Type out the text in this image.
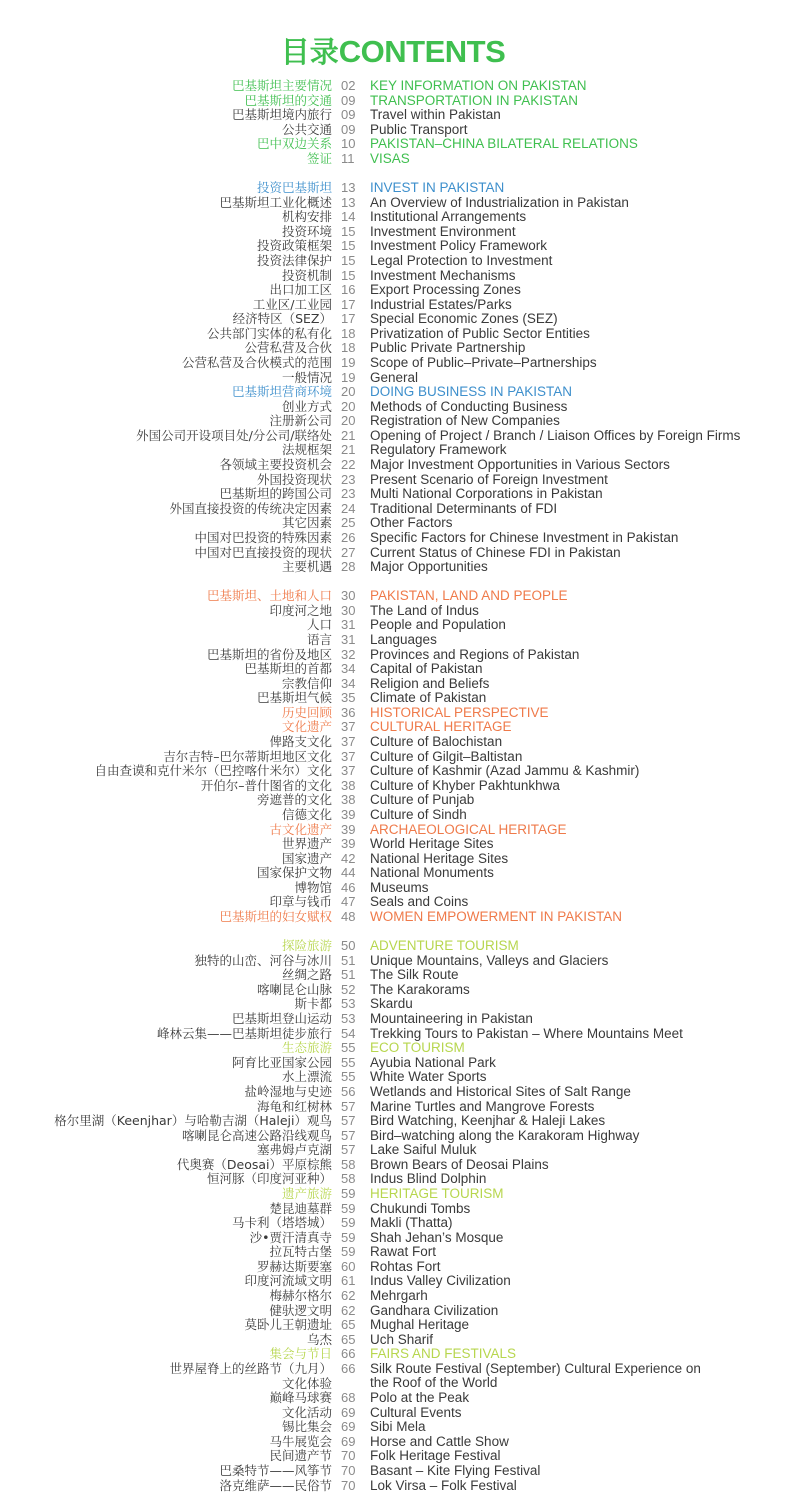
目录CONTENTS
巴基斯坦主要情况 02	KEY INFORMATION ON PAKISTAN
巴基斯坦的交通 09	TRANSPORTATION IN PAKISTAN
巴基斯坦境内旅行 09	Travel within Pakistan
公共交通 09	Public Transport
巴中双边关系 10	PAKISTAN–CHINA BILATERAL RELATIONS
签证 11	VISAS
投资巴基斯坦 13	INVEST IN PAKISTAN
巴基斯坦工业化概述 13	An Overview of Industrialization in Pakistan
机构安排 14	Institutional Arrangements
投资环境 15	Investment Environment
投资政策框架 15	Investment Policy Framework
投资法律保护 15	Legal Protection to Investment
投资机制 15	Investment Mechanisms
出口加工区 16	Export Processing Zones
工业区/工业园 17	Industrial Estates/Parks
经济特区（SEZ） 17	Special Economic Zones (SEZ)
公共部门实体的私有化 18	Privatization of Public Sector Entities
公营私营及合伙 18	Public Private Partnership
公营私营及合伙模式的范围 19	Scope of Public–Private–Partnerships
一般情况 19	General
巴基斯坦营商环境 20	DOING BUSINESS IN PAKISTAN
创业方式 20	Methods of Conducting Business
注册新公司 20	Registration of New Companies
外国公司开设项目处/分公司/联络处 21	Opening of Project / Branch / Liaison Offices by Foreign Firms
法规框架 21	Regulatory Framework
各领域主要投资机会 22	Major Investment Opportunities in Various Sectors
外国投资现状 23	Present Scenario of Foreign Investment
巴基斯坦的跨国公司 23	Multi National Corporations in Pakistan
外国直接投资的传统决定因素 24	Traditional Determinants of FDI
其它因素 25	Other Factors
中国对巴投资的特殊因素 26	Specific Factors for Chinese Investment in Pakistan
中国对巴直接投资的现状 27	Current Status of Chinese FDI in Pakistan
主要机遇 28	Major Opportunities
巴基斯坦、土地和人口 30	PAKISTAN, LAND AND PEOPLE
印度河之地 30	The Land of Indus
人口 31	People and Population
语言 31	Languages
巴基斯坦的省份及地区 32	Provinces and Regions of Pakistan
巴基斯坦的首都 34	Capital of Pakistan
宗教信仰 34	Religion and Beliefs
巴基斯坦气候 35	Climate of Pakistan
历史回顾 36	HISTORICAL PERSPECTIVE
文化遗产 37	CULTURAL HERITAGE
俾路支文化 37	Culture of Balochistan
吉尔吉特–巴尔蒂斯坦地区文化 37	Culture of Gilgit–Baltistan
自由查谟和克什米尔（巴控喀什米尔）文化 37	Culture of Kashmir (Azad Jammu & Kashmir)
开伯尔–普什图省的文化 38	Culture of Khyber Pakhtunkhwa
旁遮普的文化 38	Culture of Punjab
信德文化 39	Culture of Sindh
古文化遗产 39	ARCHAEOLOGICAL HERITAGE
世界遗产 39	World Heritage Sites
国家遗产 42	National Heritage Sites
国家保护文物 44	National Monuments
博物馆 46	Museums
印章与钱币 47	Seals and Coins
巴基斯坦的妇女赋权 48	WOMEN EMPOWERMENT IN PAKISTAN
探险旅游 50	ADVENTURE TOURISM
独特的山峦、河谷与冰川 51	Unique Mountains, Valleys and Glaciers
丝绸之路 51	The Silk Route
喀喇昆仑山脉 52	The Karakorams
斯卡都 53	Skardu
巴基斯坦登山运动 53	Mountaineering in Pakistan
峰林云集——巴基斯坦徒步旅行 54	Trekking Tours to Pakistan – Where Mountains Meet
生态旅游 55	ECO TOURISM
阿育比亚国家公园 55	Ayubia National Park
水上漂流 55	White Water Sports
盐岭湿地与史迹 56	Wetlands and Historical Sites of Salt Range
海龟和红树林 57	Marine Turtles and Mangrove Forests
格尔里湖（Keenjhar）与哈勒吉湖（Haleji）观鸟 57	Bird Watching, Keenjhar & Haleji Lakes
喀喇昆仑高速公路沿线观鸟 57	Bird–watching along the Karakoram Highway
塞弗姆卢克湖 57	Lake Saiful Muluk
代奥赛（Deosai）平原棕熊 58	Brown Bears of Deosai Plains
恒河豚（印度河亚种） 58	Indus Blind Dolphin
遗产旅游 59	HERITAGE TOURISM
楚昆迪墓群 59	Chukundi Tombs
马卡利（塔塔城） 59	Makli (Thatta)
沙•贾汗清真寺 59	Shah Jehan’s Mosque
拉瓦特古堡 59	Rawat Fort
罗赫达斯要塞 60	Rohtas Fort
印度河流域文明 61	Indus Valley Civilization
梅赫尔格尔 62	Mehrgarh
健驮逻文明 62	Gandhara Civilization
莫卧儿王朝遗址 65	Mughal Heritage
乌杰 65	Uch Sharif
集会与节日 66	FAIRS AND FESTIVALS
世界屋脊上的丝路节（九月） 66	Silk Route Festival (September) Cultural Experience on
文化体验	the Roof of the World
巅峰马球赛 68	Polo at the Peak
文化活动 69	Cultural Events
锡比集会 69	Sibi Mela
马牛展览会 69	Horse and Cattle Show
民间遗产节 70	Folk Heritage Festival
巴桑特节——风筝节 70	Basant – Kite Flying Festival
洛克维萨——民俗节 70	Lok Virsa – Folk Festival
